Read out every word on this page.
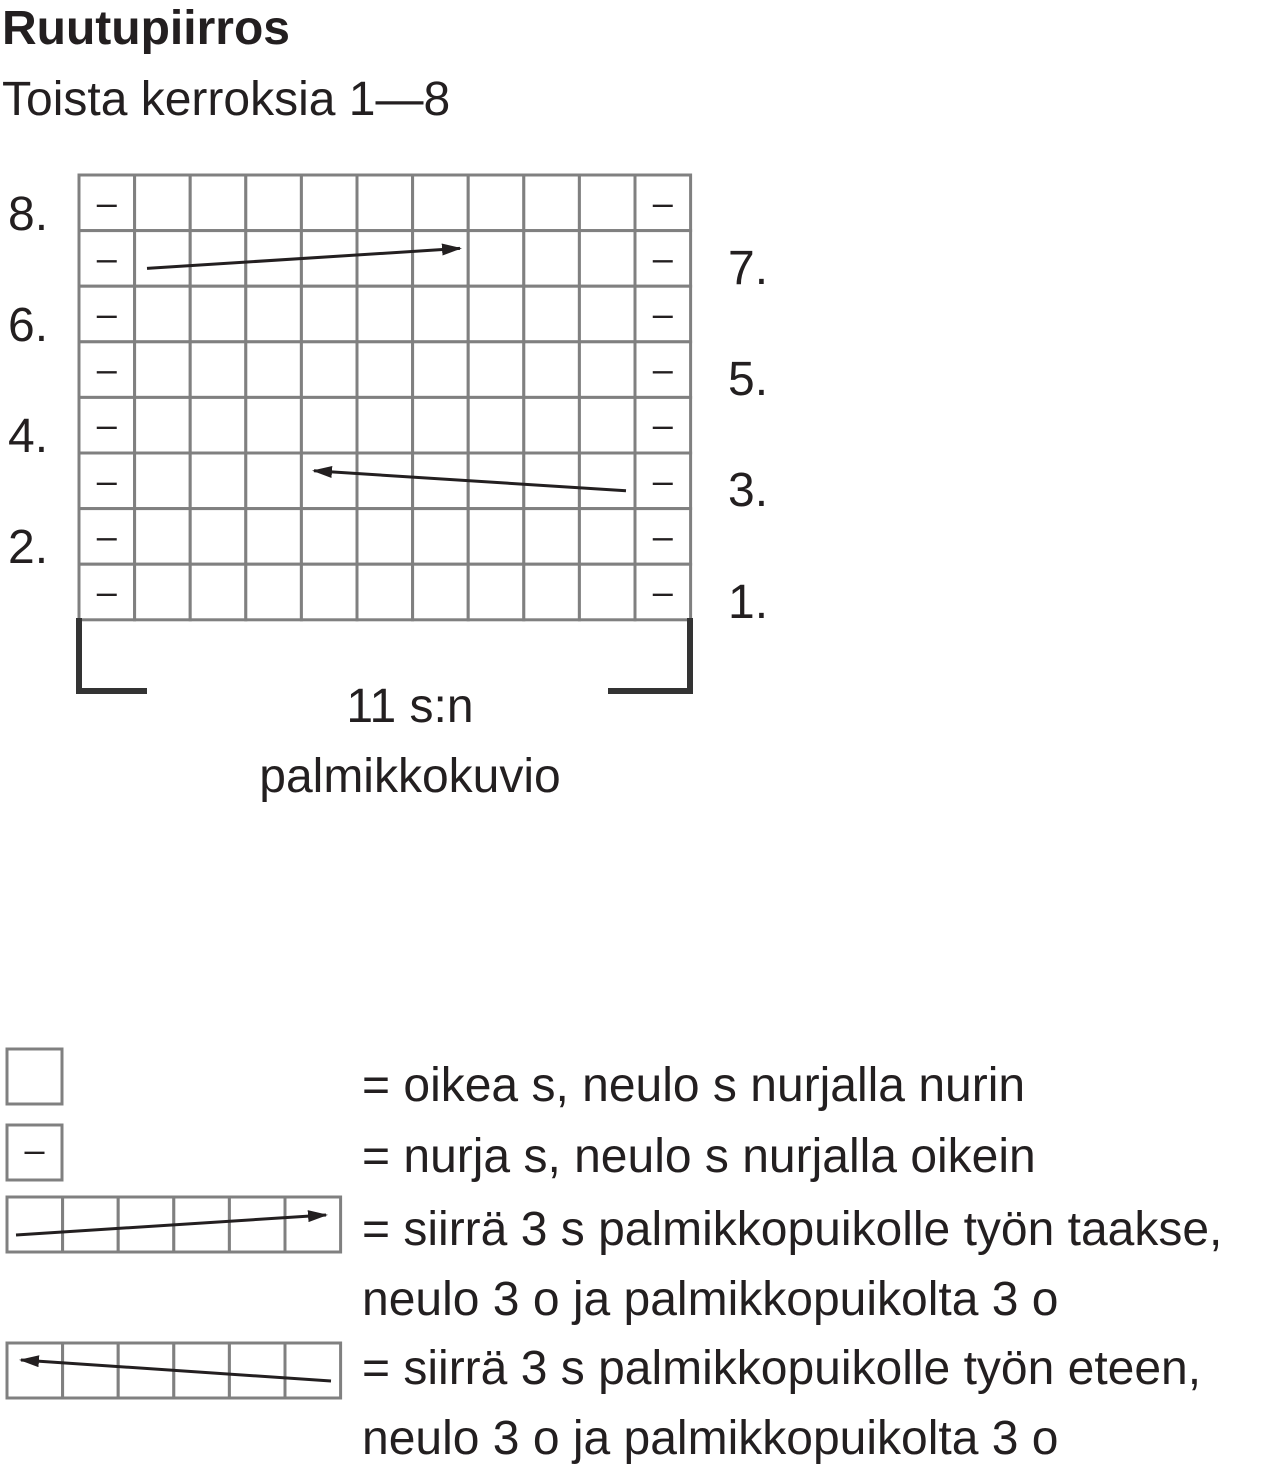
Ruutupiirros
Toista kerroksia 1—8
–	–
–	–
–	–
–	–
–	–
–	–
–	–
–	–
8.
6.
4.
2.
7.
5.
3.
1.
11 s:n
palmikkokuvio
= oikea s, neulo s nurjalla nurin
–	= nurja s, neulo s nurjalla oikein
= siirrä 3 s palmikkopuikolle työn taakse,
neulo 3 o ja palmikkopuikolta 3 o
= siirrä 3 s palmikkopuikolle työn eteen,
neulo 3 o ja palmikkopuikolta 3 o
